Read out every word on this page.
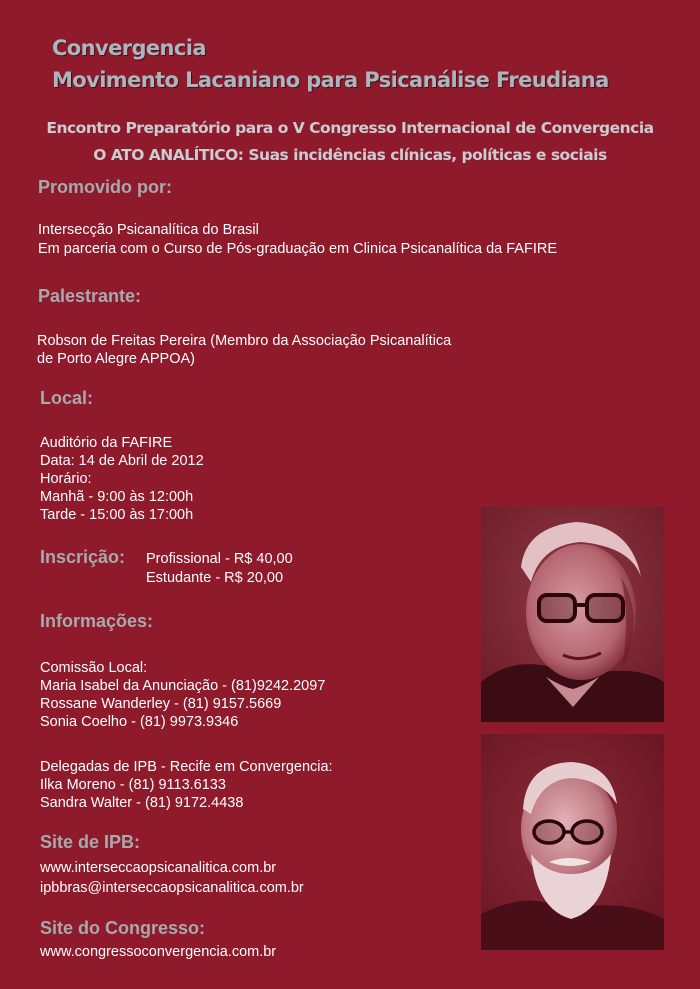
Convergencia
Movimento Lacaniano para Psicanálise Freudiana
Encontro Preparatório para o V Congresso Internacional de Convergencia
O ATO ANALÍTICO: Suas incidências clínicas, políticas e sociais
Promovido por:
Intersecção Psicanalítica do Brasil
Em parceria com o Curso de Pós-graduação em Clinica Psicanalítica da FAFIRE
Palestrante:
Robson de Freitas Pereira (Membro da Associação Psicanalítica
de Porto Alegre APPOA)
Local:
Auditório da FAFIRE
Data: 14 de Abril de 2012
Horário:
Manhã - 9:00 às 12:00h
Tarde - 15:00 às 17:00h
Inscrição: Profissional - R$ 40,00
Estudante - R$ 20,00
Informações:
Comissão Local:
Maria Isabel da Anunciação - (81)9242.2097
Rossane Wanderley - (81) 9157.5669
Sonia Coelho - (81) 9973.9346
Delegadas de IPB - Recife em Convergencia:
Ilka Moreno - (81) 9113.6133
Sandra Walter - (81) 9172.4438
Site de IPB:
www.interseccaopsicanalitica.com.br
ipbbras@interseccaopsicanalitica.com.br
Site do Congresso:
www.congressoconvergencia.com.br
